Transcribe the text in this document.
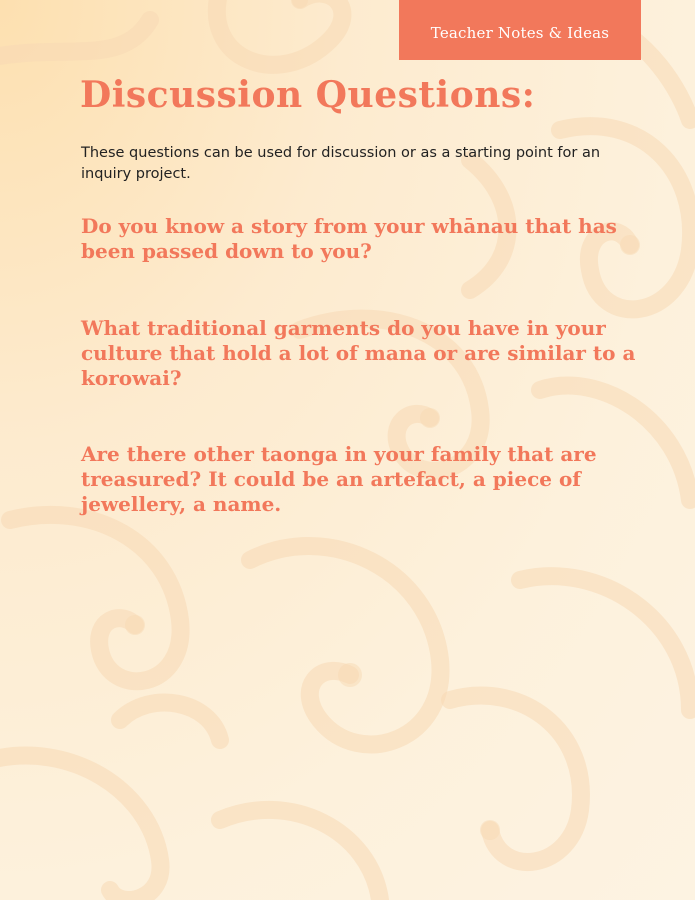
Teacher Notes & Ideas
Discussion Questions:

These questions can be used for discussion or as a starting point for an inquiry project.

Do you know a story from your whānau that has been passed down to you?

What traditional garments do you have in your culture that hold a lot of mana or are similar to a korowai?

Are there other taonga in your family that are treasured? It could be an artefact, a piece of jewellery, a name.
